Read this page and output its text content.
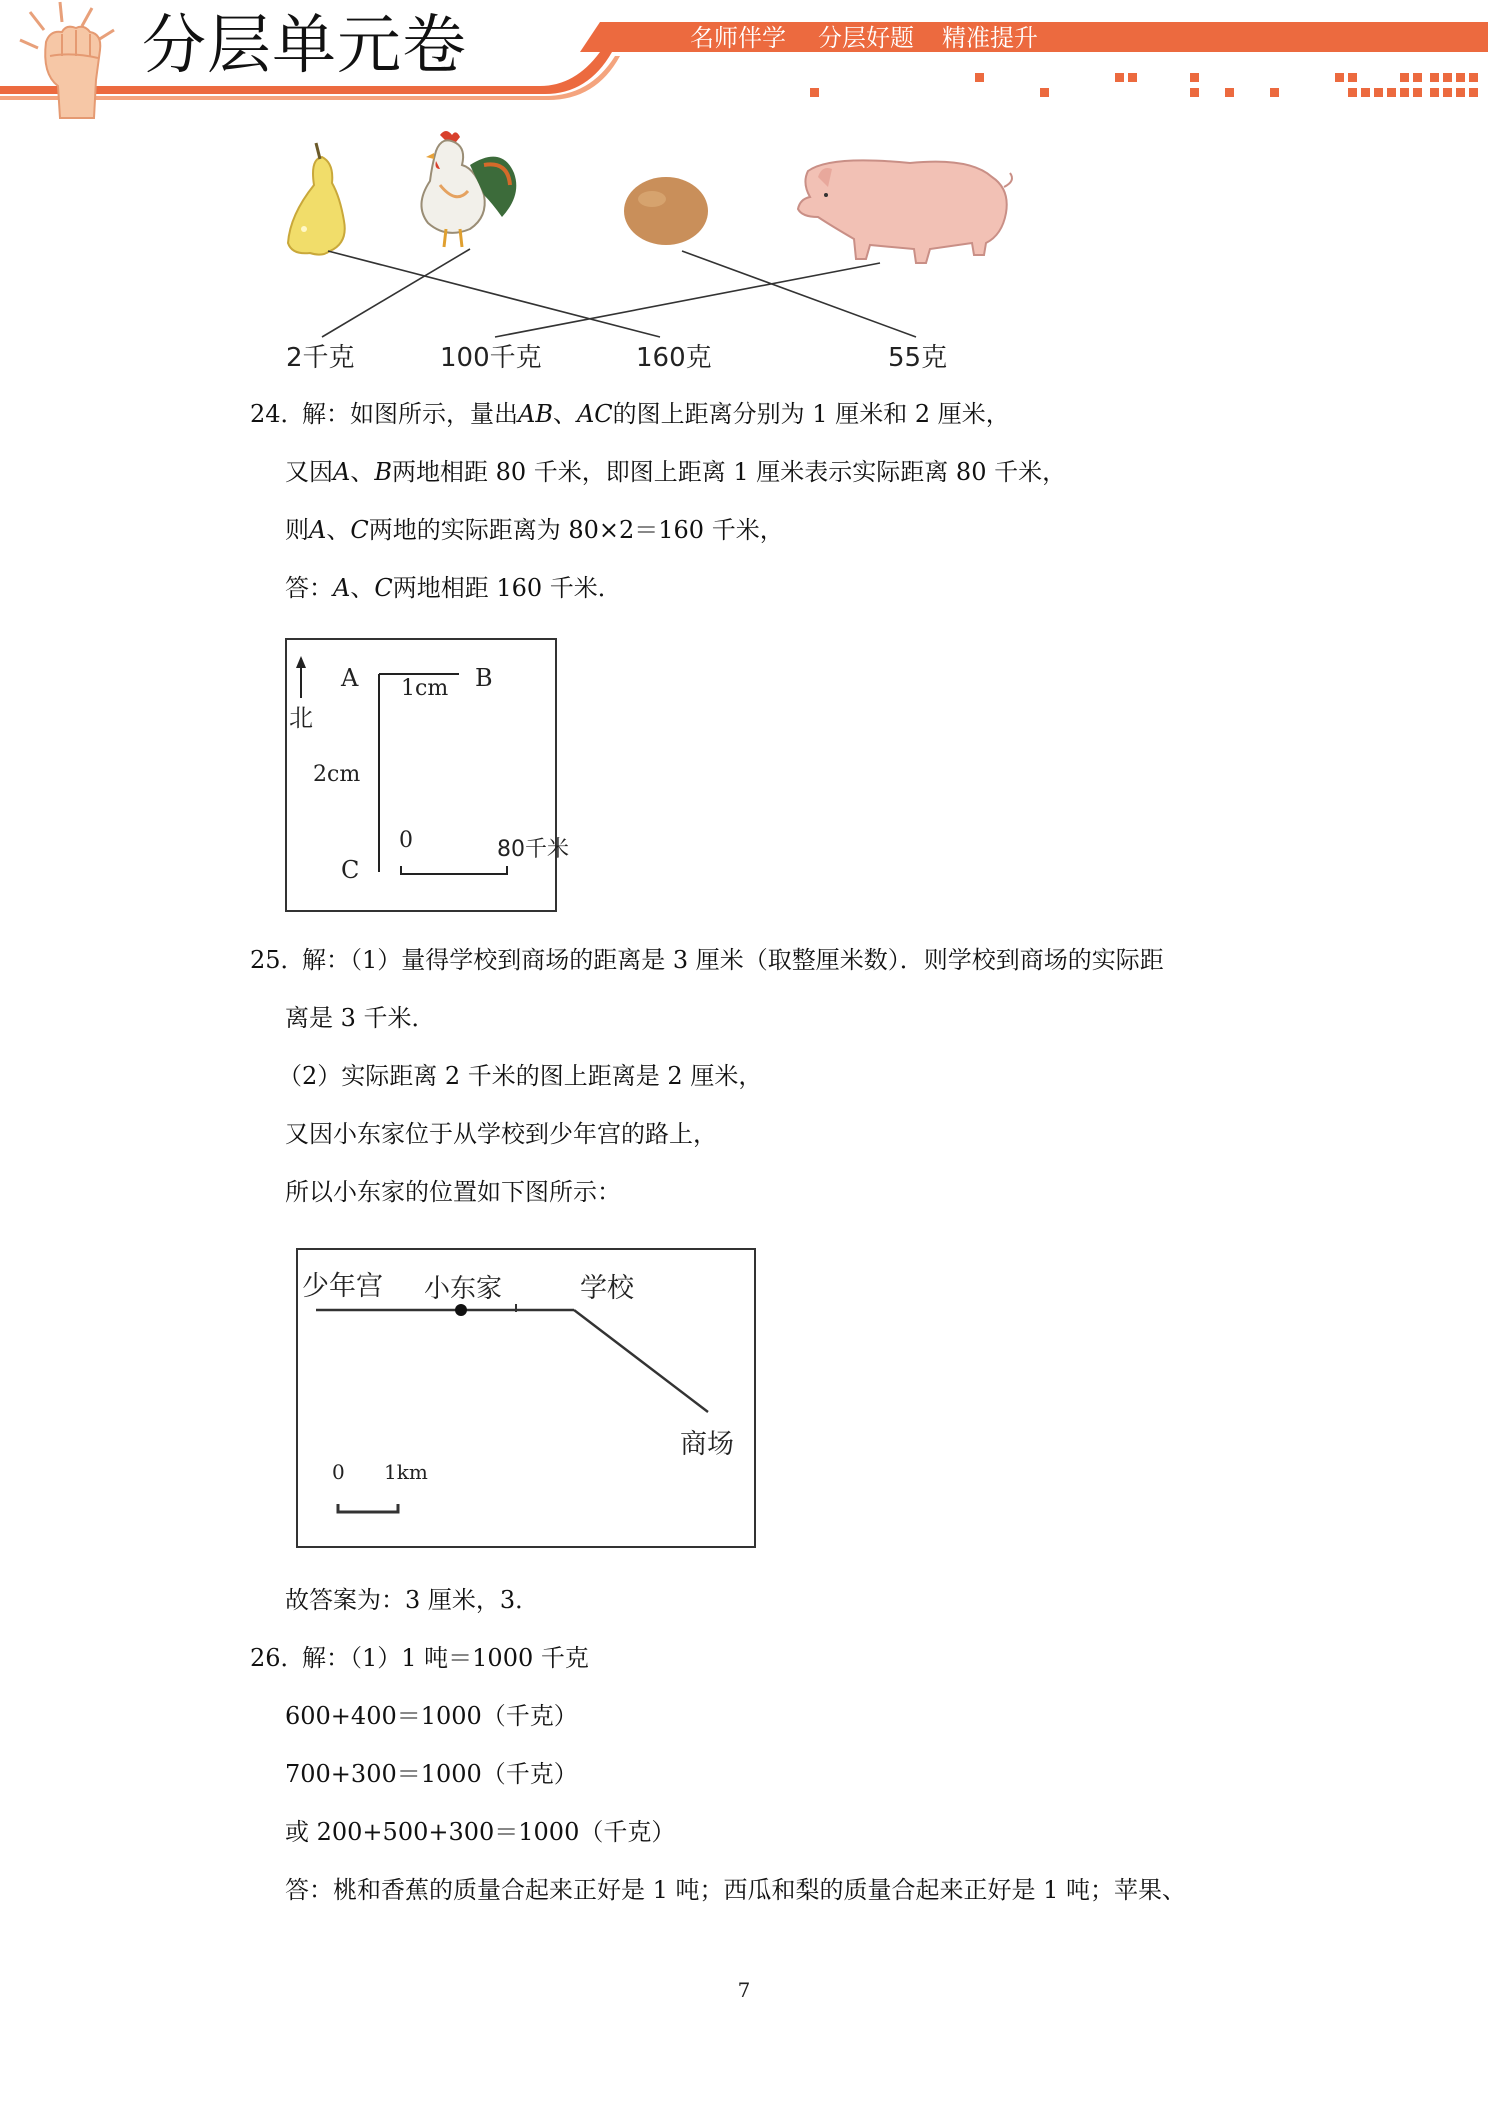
分层单元卷	名师伴学 分层好题 精准提升
2千克	100千克	160克	55克
24．
解：如图所示，量出AB、AC的图上距离分别为 1 厘米和 2 厘米，
又因A、B两地相距 80 千米，即图上距离 1 厘米表示实际距离 80 千米，
则A、C两地的实际距离为 80×2＝160 千米，
答：A、C两地相距 160 千米．
北
A	B
C
1cm
2cm
0	80千米
25．
解：（1）量得学校到商场的距离是 3 厘米（取整厘米数）．则学校到商场的实际距
离是 3 千米．
（2）实际距离 2 千米的图上距离是 2 厘米，
又因小东家位于从学校到少年宫的路上，
所以小东家的位置如下图所示：
少年宫 小东家	学校
商场
0 1km
故答案为：3 厘米，3．
26．
解：（1）1 吨＝1000 千克
600+400＝1000（千克）
700+300＝1000（千克）
或 200+500+300＝1000（千克）
答：桃和香蕉的质量合起来正好是 1 吨；西瓜和梨的质量合起来正好是 1 吨；苹果、
7
